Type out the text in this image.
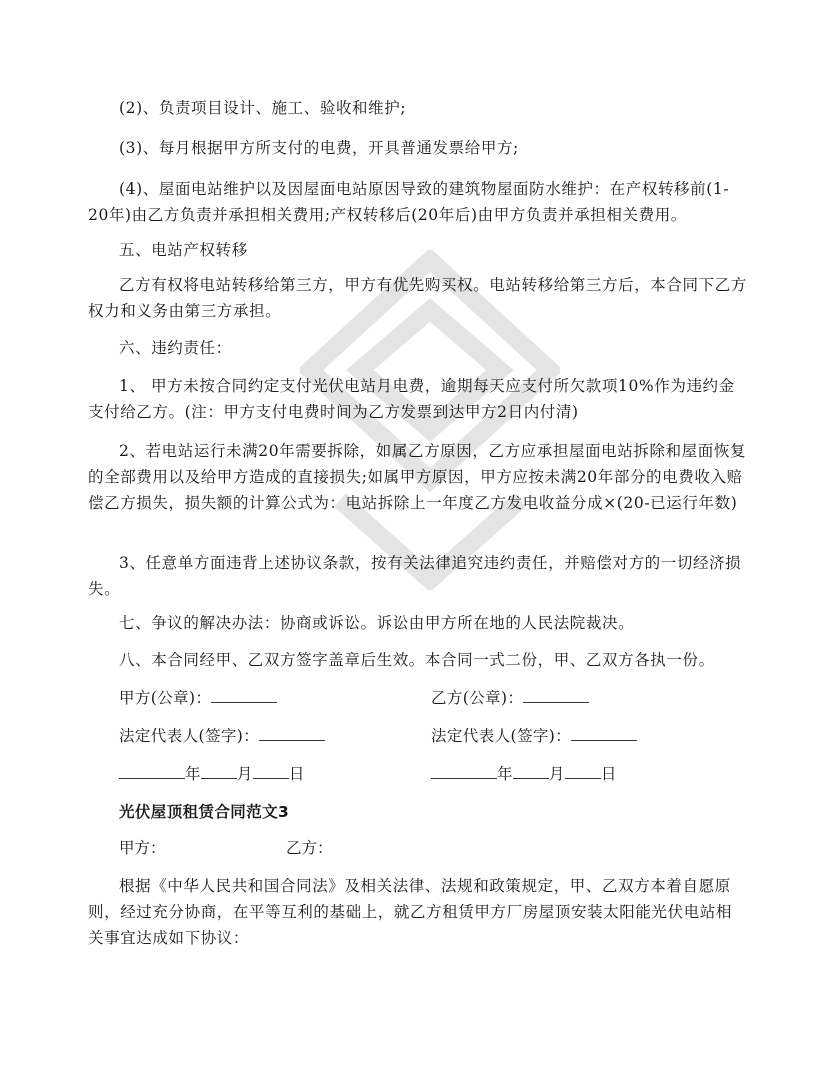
(2)、负责项目设计、施工、验收和维护;
(3)、每月根据甲方所支付的电费，开具普通发票给甲方;
(4)、屋面电站维护以及因屋面电站原因导致的建筑物屋面防水维护：在产权转移前(1-20年)由乙方负责并承担相关费用;产权转移后(20年后)由甲方负责并承担相关费用。
五、电站产权转移
乙方有权将电站转移给第三方，甲方有优先购买权。电站转移给第三方后，本合同下乙方权力和义务由第三方承担。
六、违约责任：
1、 甲方未按合同约定支付光伏电站月电费，逾期每天应支付所欠款项10%作为违约金支付给乙方。(注：甲方支付电费时间为乙方发票到达甲方2日内付清)
2、若电站运行未满20年需要拆除，如属乙方原因，乙方应承担屋面电站拆除和屋面恢复的全部费用以及给甲方造成的直接损失;如属甲方原因，甲方应按未满20年部分的电费收入赔偿乙方损失，损失额的计算公式为：电站拆除上一年度乙方发电收益分成×(20-已运行年数)
3、任意单方面违背上述协议条款，按有关法律追究违约责任，并赔偿对方的一切经济损失。
七、争议的解决办法：协商或诉讼。诉讼由甲方所在地的人民法院裁决。
八、本合同经甲、乙双方签字盖章后生效。本合同一式二份，甲、乙双方各执一份。
甲方(公章)：	乙方(公章)：
法定代表人(签字)：	法定代表人(签字)：
年 月 日	年 月 日
光伏屋顶租赁合同范文3
甲方：	乙方：
根据《中华人民共和国合同法》及相关法律、法规和政策规定，甲、乙双方本着自愿原则，经过充分协商，在平等互利的基础上，就乙方租赁甲方厂房屋顶安装太阳能光伏电站相关事宜达成如下协议：
